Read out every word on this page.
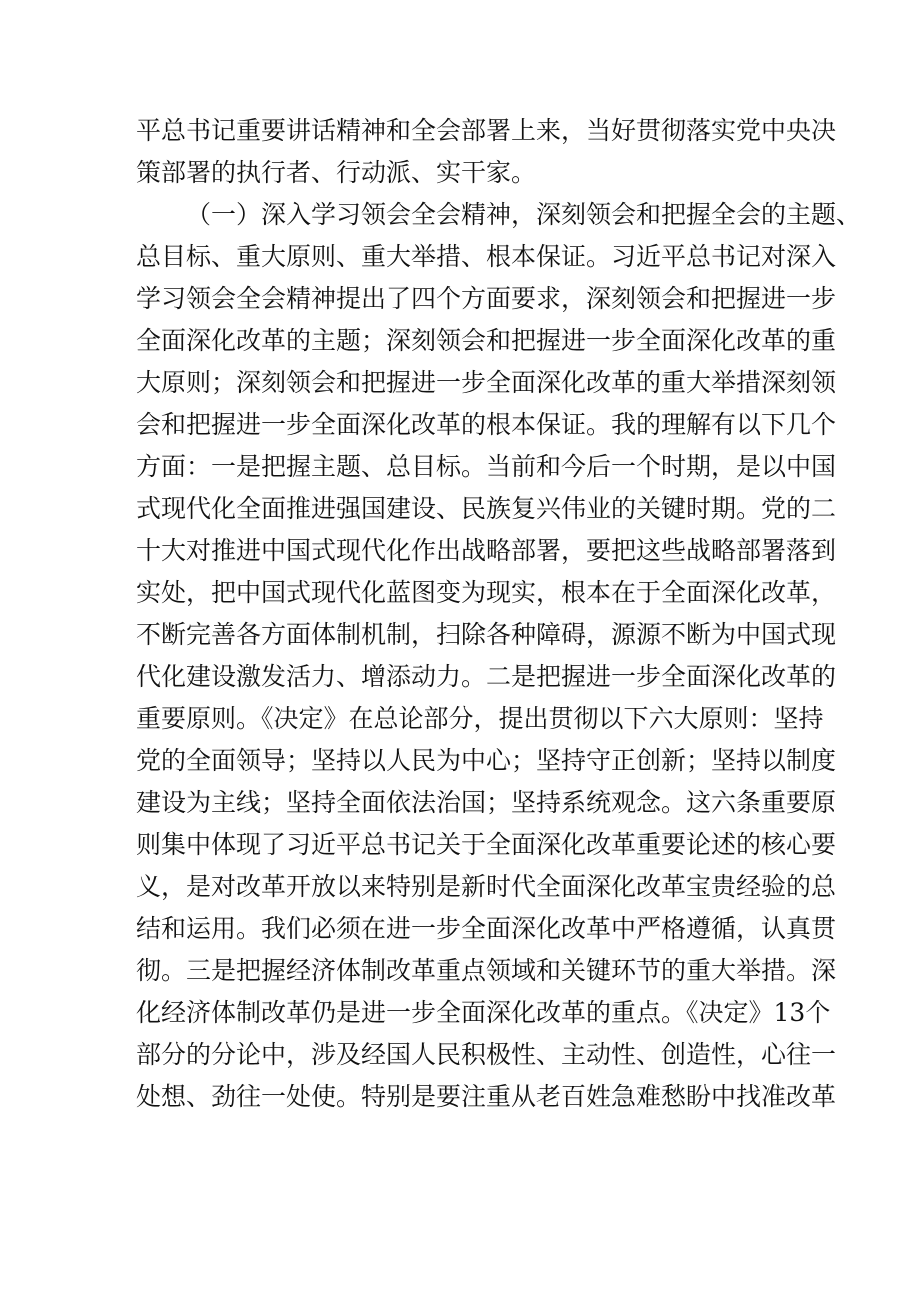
平总书记重要讲话精神和全会部署上来，当好贯彻落实党中央决
策部署的执行者、行动派、实干家。
（一）深入学习领会全会精神，深刻领会和把握全会的主题、
总目标、重大原则、重大举措、根本保证。习近平总书记对深入
学习领会全会精神提出了四个方面要求，深刻领会和把握进一步
全面深化改革的主题；深刻领会和把握进一步全面深化改革的重
大原则；深刻领会和把握进一步全面深化改革的重大举措深刻领
会和把握进一步全面深化改革的根本保证。我的理解有以下几个
方面：一是把握主题、总目标。当前和今后一个时期，是以中国
式现代化全面推进强国建设、民族复兴伟业的关键时期。党的二
十大对推进中国式现代化作出战略部署，要把这些战略部署落到
实处，把中国式现代化蓝图变为现实，根本在于全面深化改革，
不断完善各方面体制机制，扫除各种障碍，源源不断为中国式现
代化建设激发活力、增添动力。二是把握进一步全面深化改革的
重要原则。《决定》在总论部分，提出贯彻以下六大原则：坚持
党的全面领导；坚持以人民为中心；坚持守正创新；坚持以制度
建设为主线；坚持全面依法治国；坚持系统观念。这六条重要原
则集中体现了习近平总书记关于全面深化改革重要论述的核心要
义，是对改革开放以来特别是新时代全面深化改革宝贵经验的总
结和运用。我们必须在进一步全面深化改革中严格遵循，认真贯
彻。三是把握经济体制改革重点领域和关键环节的重大举措。深
化经济体制改革仍是进一步全面深化改革的重点。《决定》13个
部分的分论中，涉及经国人民积极性、主动性、创造性，心往一
处想、劲往一处使。特别是要注重从老百姓急难愁盼中找准改革
